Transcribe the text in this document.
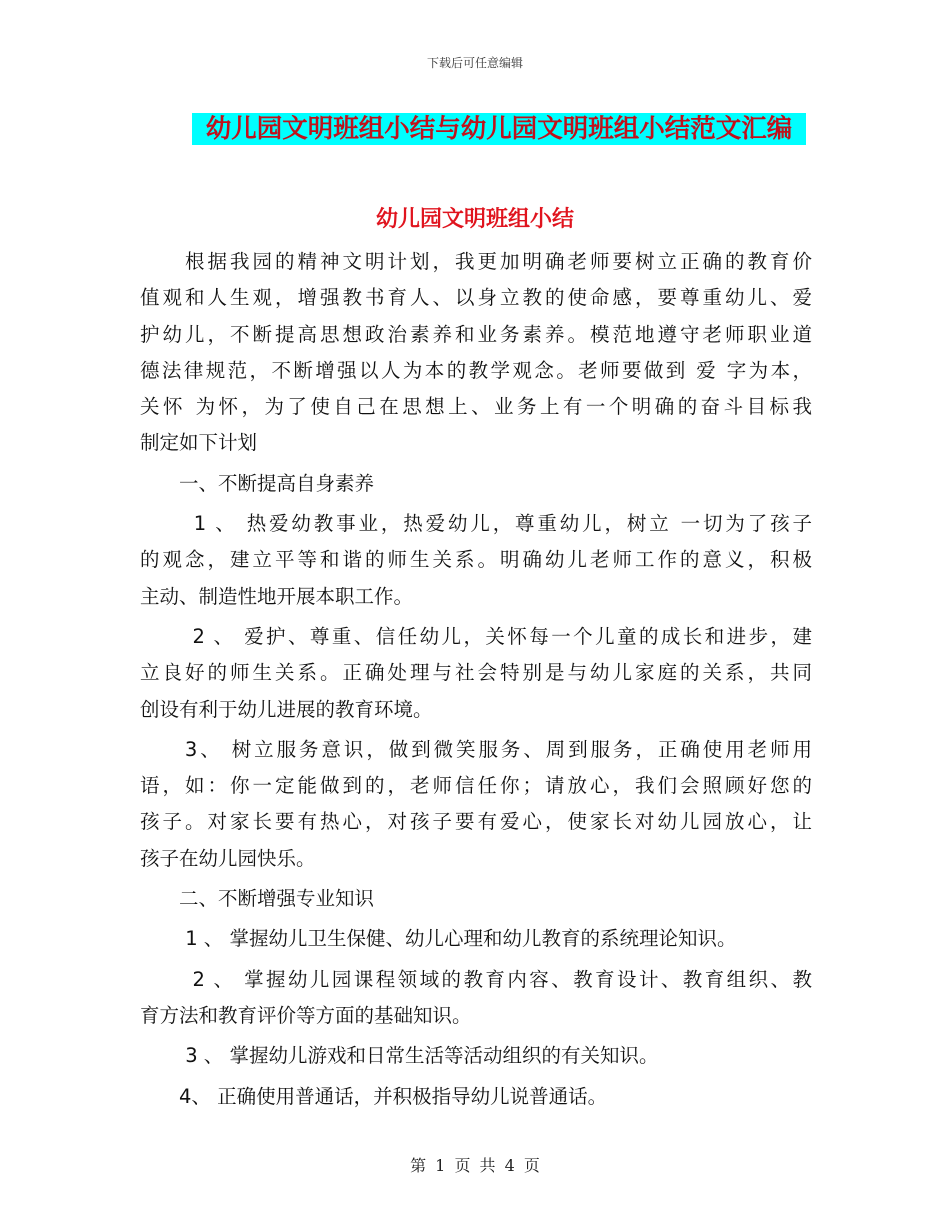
下载后可任意编辑
幼儿园文明班组小结与幼儿园文明班组小结范文汇编
幼儿园文明班组小结
　　根据我园的精神文明计划，我更加明确老师要树立正确的教育价
值观和人生观，增强教书育人、以身立教的使命感，要尊重幼儿、爱
护幼儿，不断提高思想政治素养和业务素养。模范地遵守老师职业道
德法律规范，不断增强以人为本的教学观念。老师要做到 爱 字为本，
关怀 为怀，为了使自己在思想上、业务上有一个明确的奋斗目标我
制定如下计划
　　一、不断提高自身素养
　　 1 、 热爱幼教事业，热爱幼儿，尊重幼儿，树立 一切为了孩子
的观念，建立平等和谐的师生关系。明确幼儿老师工作的意义，积极
主动、制造性地开展本职工作。
　　 2 、 爱护、尊重、信任幼儿，关怀每一个儿童的成长和进步，建
立良好的师生关系。正确处理与社会特别是与幼儿家庭的关系，共同
创设有利于幼儿进展的教育环境。
　　3、 树立服务意识，做到微笑服务、周到服务，正确使用老师用
语，如：你一定能做到的，老师信任你；请放心，我们会照顾好您的
孩子。对家长要有热心，对孩子要有爱心，使家长对幼儿园放心，让
孩子在幼儿园快乐。
　　二、不断增强专业知识
　　 1 、 掌握幼儿卫生保健、幼儿心理和幼儿教育的系统理论知识。
　　 2 、 掌握幼儿园课程领域的教育内容、教育设计、教育组织、教
育方法和教育评价等方面的基础知识。
　　 3 、 掌握幼儿游戏和日常生活等活动组织的有关知识。
　　4、 正确使用普通话，并积极指导幼儿说普通话。
第 1 页 共 4 页
